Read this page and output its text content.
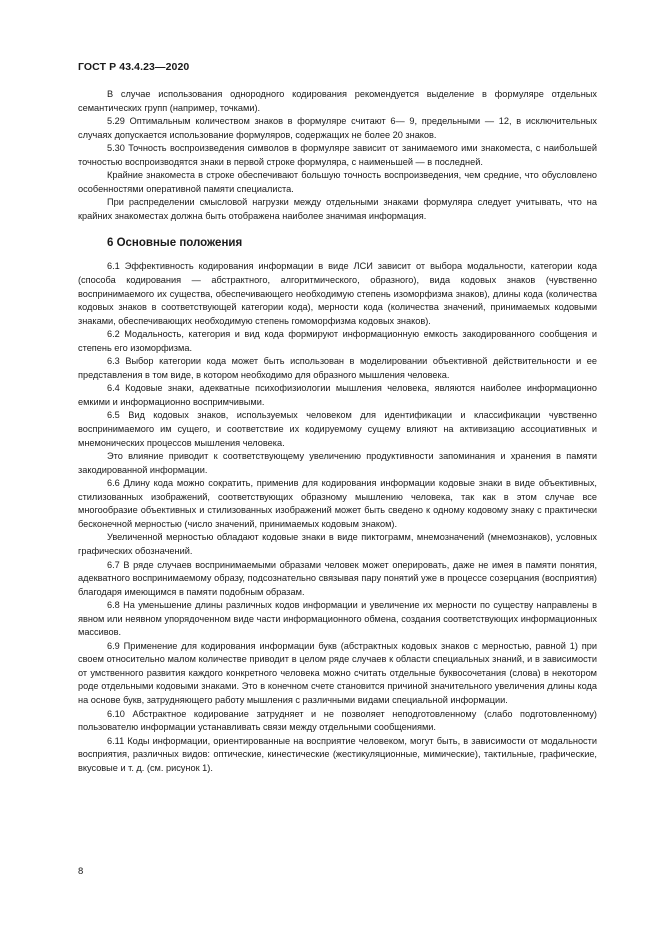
ГОСТ Р 43.4.23—2020

В случае использования однородного кодирования рекомендуется выделение в формуляре отдельных семантических групп (например, точками).

5.29 Оптимальным количеством знаков в формуляре считают 6— 9, предельными — 12, в исключительных случаях допускается использование формуляров, содержащих не более 20 знаков.

5.30 Точность воспроизведения символов в формуляре зависит от занимаемого ими знакоместа, с наибольшей точностью воспроизводятся знаки в первой строке формуляра, с наименьшей — в последней.

Крайние знакоместа в строке обеспечивают большую точность воспроизведения, чем средние, что обусловлено особенностями оперативной памяти специалиста.

При распределении смысловой нагрузки между отдельными знаками формуляра следует учитывать, что на крайних знакоместах должна быть отображена наиболее значимая информация.

6 Основные положения

6.1 Эффективность кодирования информации в виде ЛСИ зависит от выбора модальности, категории кода (способа кодирования — абстрактного, алгоритмического, образного), вида кодовых знаков (чувственно воспринимаемого их существа, обеспечивающего необходимую степень изоморфизма знаков), длины кода (количества кодовых знаков в соответствующей категории кода), мерности кода (количества значений, принимаемых кодовыми знаками, обеспечивающих необходимую степень гомоморфизма кодовых знаков).

6.2 Модальность, категория и вид кода формируют информационную емкость закодированного сообщения и степень его изоморфизма.

6.3 Выбор категории кода может быть использован в моделировании объективной действительности и ее представления в том виде, в котором необходимо для образного мышления человека.

6.4 Кодовые знаки, адекватные психофизиологии мышления человека, являются наиболее информационно емкими и информационно воспримчивыми.

6.5 Вид кодовых знаков, используемых человеком для идентификации и классификации чувственно воспринимаемого им сущего, и соответствие их кодируемому сущему влияют на активизацию ассоциативных и мнемонических процессов мышления человека.

Это влияние приводит к соответствующему увеличению продуктивности запоминания и хранения в памяти закодированной информации.

6.6 Длину кода можно сократить, применив для кодирования информации кодовые знаки в виде объективных, стилизованных изображений, соответствующих образному мышлению человека, так как в этом случае все многообразие объективных и стилизованных изображений может быть сведено к одному кодовому знаку с практически бесконечной мерностью (число значений, принимаемых кодовым знаком).

Увеличенной мерностью обладают кодовые знаки в виде пиктограмм, мнемозначений (мнемознаков), условных графических обозначений.

6.7 В ряде случаев воспринимаемыми образами человек может оперировать, даже не имея в памяти понятия, адекватного воспринимаемому образу, подсознательно связывая пару понятий уже в процессе созерцания (восприятия) благодаря имеющимся в памяти подобным образам.

6.8 На уменьшение длины различных кодов информации и увеличение их мерности по существу направлены в явном или неявном упорядоченном виде части информационного обмена, создания соответствующих информационных массивов.

6.9 Применение для кодирования информации букв (абстрактных кодовых знаков с мерностью, равной 1) при своем относительно малом количестве приводит в целом ряде случаев к области специальных знаний, и в зависимости от умственного развития каждого конкретного человека можно считать отдельные буквосочетания (слова) в некотором роде отдельными кодовыми знаками. Это в конечном счете становится причиной значительного увеличения длины кода на основе букв, затрудняющего работу мышления с различными видами специальной информации.

6.10 Абстрактное кодирование затрудняет и не позволяет неподготовленному (слабо подготовленному) пользователю информации устанавливать связи между отдельными сообщениями.

6.11 Коды информации, ориентированные на восприятие человеком, могут быть, в зависимости от модальности восприятия, различных видов: оптические, кинестические (жестикуляционные, мимические), тактильные, графические, вкусовые и т. д. (см. рисунок 1).

8
